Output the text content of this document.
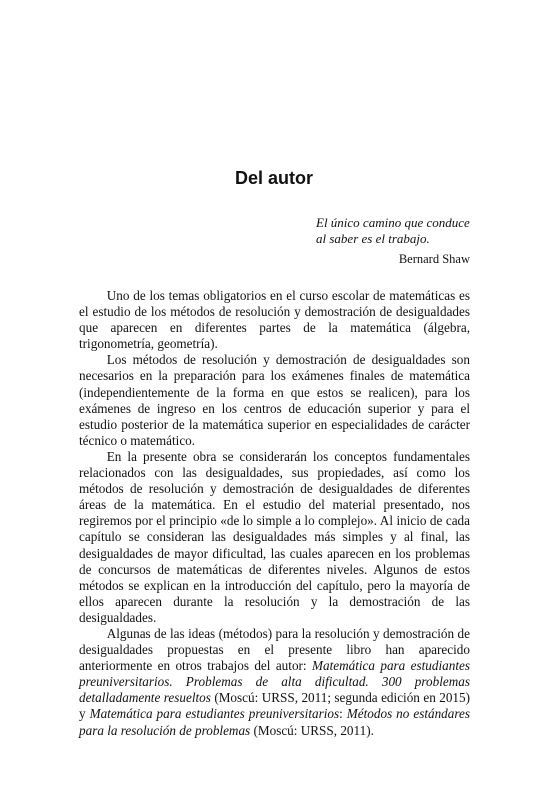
Del autor

El único camino que conduce
al saber es el trabajo.

Bernard Shaw

Uno de los temas obligatorios en el curso escolar de matemáticas es el estudio de los métodos de resolución y demostración de desigualdades que aparecen en diferentes partes de la matemática (álgebra, trigonometría, geometría).

Los métodos de resolución y demostración de desigualdades son necesarios en la preparación para los exámenes finales de matemática (independientemente de la forma en que estos se realicen), para los exámenes de ingreso en los centros de educación superior y para el estudio posterior de la matemática superior en especialidades de carácter técnico o matemático.

En la presente obra se considerarán los conceptos fundamentales relacionados con las desigualdades, sus propiedades, así como los métodos de resolución y demostración de desigualdades de diferentes áreas de la matemática. En el estudio del material presentado, nos regiremos por el principio «de lo simple a lo complejo». Al inicio de cada capítulo se consideran las desigualdades más simples y al final, las desigualdades de mayor dificultad, las cuales aparecen en los problemas de concursos de matemáticas de diferentes niveles. Algunos de estos métodos se explican en la introducción del capítulo, pero la mayoría de ellos aparecen durante la resolución y la demostración de las desigualdades.

Algunas de las ideas (métodos) para la resolución y demostración de desigualdades propuestas en el presente libro han aparecido anteriormente en otros trabajos del autor: Matemática para estudiantes preuniversitarios. Problemas de alta dificultad. 300 problemas detalladamente resueltos (Moscú: URSS, 2011; segunda edición en 2015) y Matemática para estudiantes preuniversitarios: Métodos no estándares para la resolución de problemas (Moscú: URSS, 2011).
